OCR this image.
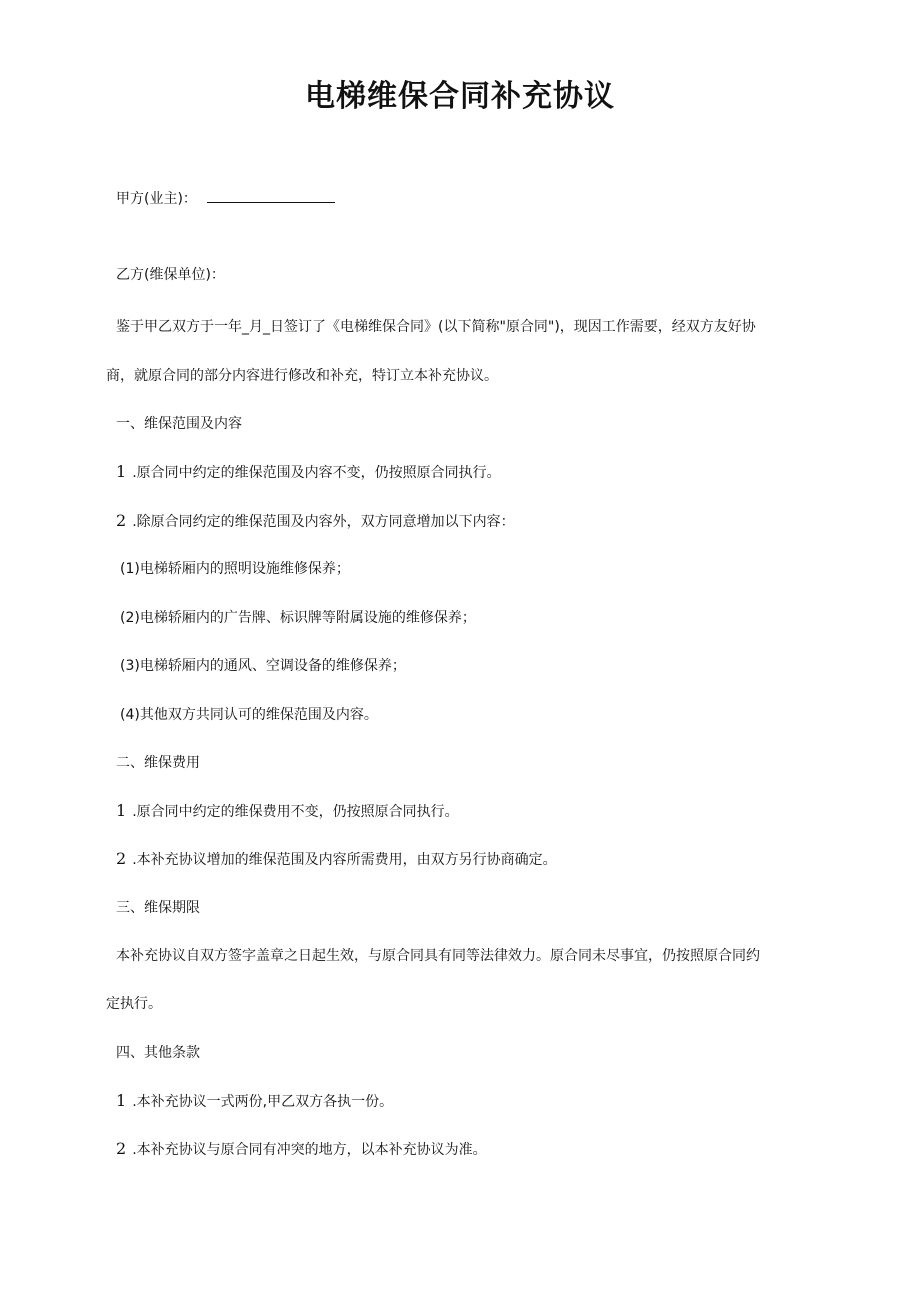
电梯维保合同补充协议

甲方(业主)：

乙方(维保单位)：

鉴于甲乙双方于一年_月_日签订了《电梯维保合同》(以下简称"原合同")，现因工作需要，经双方友好协

商，就原合同的部分内容进行修改和补充，特订立本补充协议。

一、维保范围及内容

1 .原合同中约定的维保范围及内容不变，仍按照原合同执行。

2 .除原合同约定的维保范围及内容外，双方同意增加以下内容：

(1)电梯轿厢内的照明设施维修保养；

(2)电梯轿厢内的广告牌、标识牌等附属设施的维修保养；

(3)电梯轿厢内的通风、空调设备的维修保养；

(4)其他双方共同认可的维保范围及内容。

二、维保费用

1 .原合同中约定的维保费用不变，仍按照原合同执行。

2 .本补充协议增加的维保范围及内容所需费用，由双方另行协商确定。

三、维保期限

本补充协议自双方签字盖章之日起生效，与原合同具有同等法律效力。原合同未尽事宜，仍按照原合同约

定执行。

四、其他条款

1 .本补充协议一式两份,甲乙双方各执一份。

2 .本补充协议与原合同有冲突的地方，以本补充协议为准。
